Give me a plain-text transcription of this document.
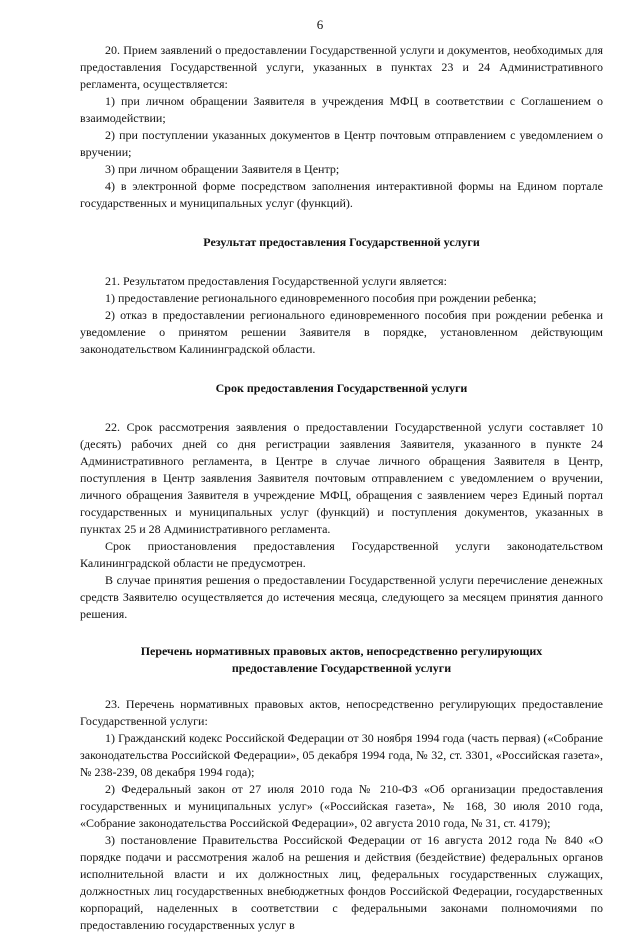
6

20. Прием заявлений о предоставлении Государственной услуги и документов, необходимых для предоставления Государственной услуги, указанных в пунктах 23 и 24 Административного регламента, осуществляется:

1) при личном обращении Заявителя в учреждения МФЦ в соответствии с Соглашением о взаимодействии;

2) при поступлении указанных документов в Центр почтовым отправлением с уведомлением о вручении;

3) при личном обращении Заявителя в Центр;

4) в электронной форме посредством заполнения интерактивной формы на Едином портале государственных и муниципальных услуг (функций).

Результат предоставления Государственной услуги

21. Результатом предоставления Государственной услуги является:

1) предоставление регионального единовременного пособия при рождении ребенка;

2) отказ в предоставлении регионального единовременного пособия при рождении ребенка и уведомление о принятом решении Заявителя в порядке, установленном действующим законодательством Калининградской области.

Срок предоставления Государственной услуги

22. Срок рассмотрения заявления о предоставлении Государственной услуги составляет 10 (десять) рабочих дней со дня регистрации заявления Заявителя, указанного в пункте 24 Административного регламента, в Центре в случае личного обращения Заявителя в Центр, поступления в Центр заявления Заявителя почтовым отправлением с уведомлением о вручении, личного обращения Заявителя в учреждение МФЦ, обращения с заявлением через Единый портал государственных и муниципальных услуг (функций) и поступления документов, указанных в пунктах 25 и 28 Административного регламента.

Срок приостановления предоставления Государственной услуги законодательством Калининградской области не предусмотрен.

В случае принятия решения о предоставлении Государственной услуги перечисление денежных средств Заявителю осуществляется до истечения месяца, следующего за месяцем принятия данного решения.

Перечень нормативных правовых актов, непосредственно регулирующих
предоставление Государственной услуги

23. Перечень нормативных правовых актов, непосредственно регулирующих предоставление Государственной услуги:

1) Гражданский кодекс Российской Федерации от 30 ноября 1994 года (часть первая) («Собрание законодательства Российской Федерации», 05 декабря 1994 года, № 32, ст. 3301, «Российская газета», № 238-239, 08 декабря 1994 года);

2) Федеральный закон от 27 июля 2010 года № 210-ФЗ «Об организации предоставления государственных и муниципальных услуг» («Российская газета», № 168, 30 июля 2010 года, «Собрание законодательства Российской Федерации», 02 августа 2010 года, № 31, ст. 4179);

3) постановление Правительства Российской Федерации от 16 августа 2012 года № 840 «О порядке подачи и рассмотрения жалоб на решения и действия (бездействие) федеральных органов исполнительной власти и их должностных лиц, федеральных государственных служащих, должностных лиц государственных внебюджетных фондов Российской Федерации, государственных корпораций, наделенных в соответствии с федеральными законами полномочиями по предоставлению государственных услуг в
